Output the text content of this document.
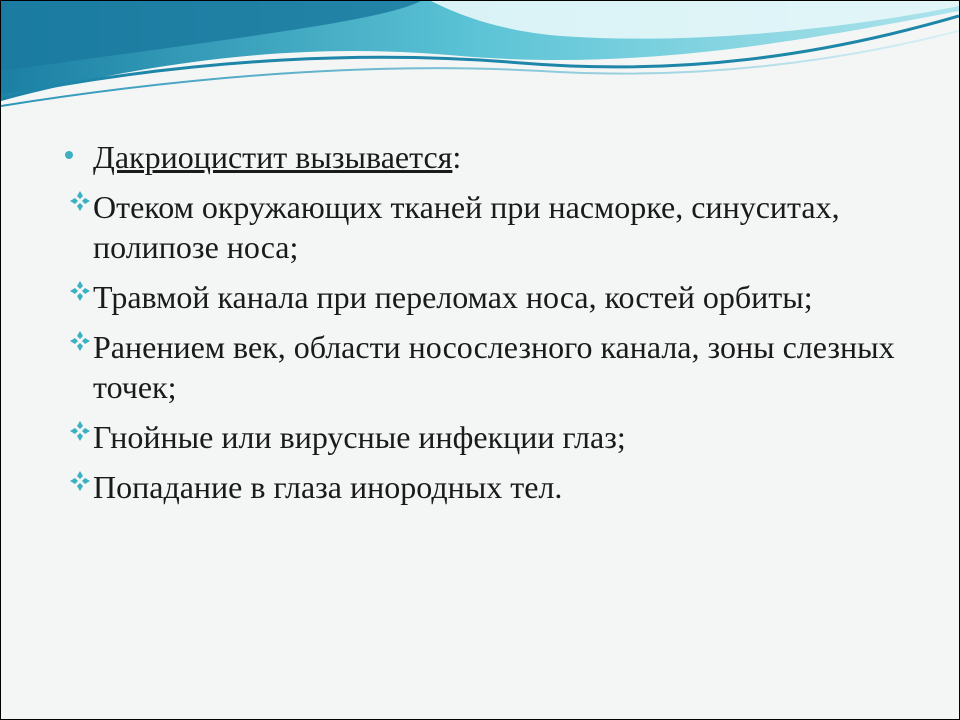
Дакриоцистит вызывается:
Отеком окружающих тканей при насморке, синуситах, полипозе носа;
Травмой канала при переломах носа, костей орбиты;
Ранением век, области носослезного канала, зоны слезных точек;
Гнойные или вирусные инфекции глаз;
Попадание в глаза инородных тел.
